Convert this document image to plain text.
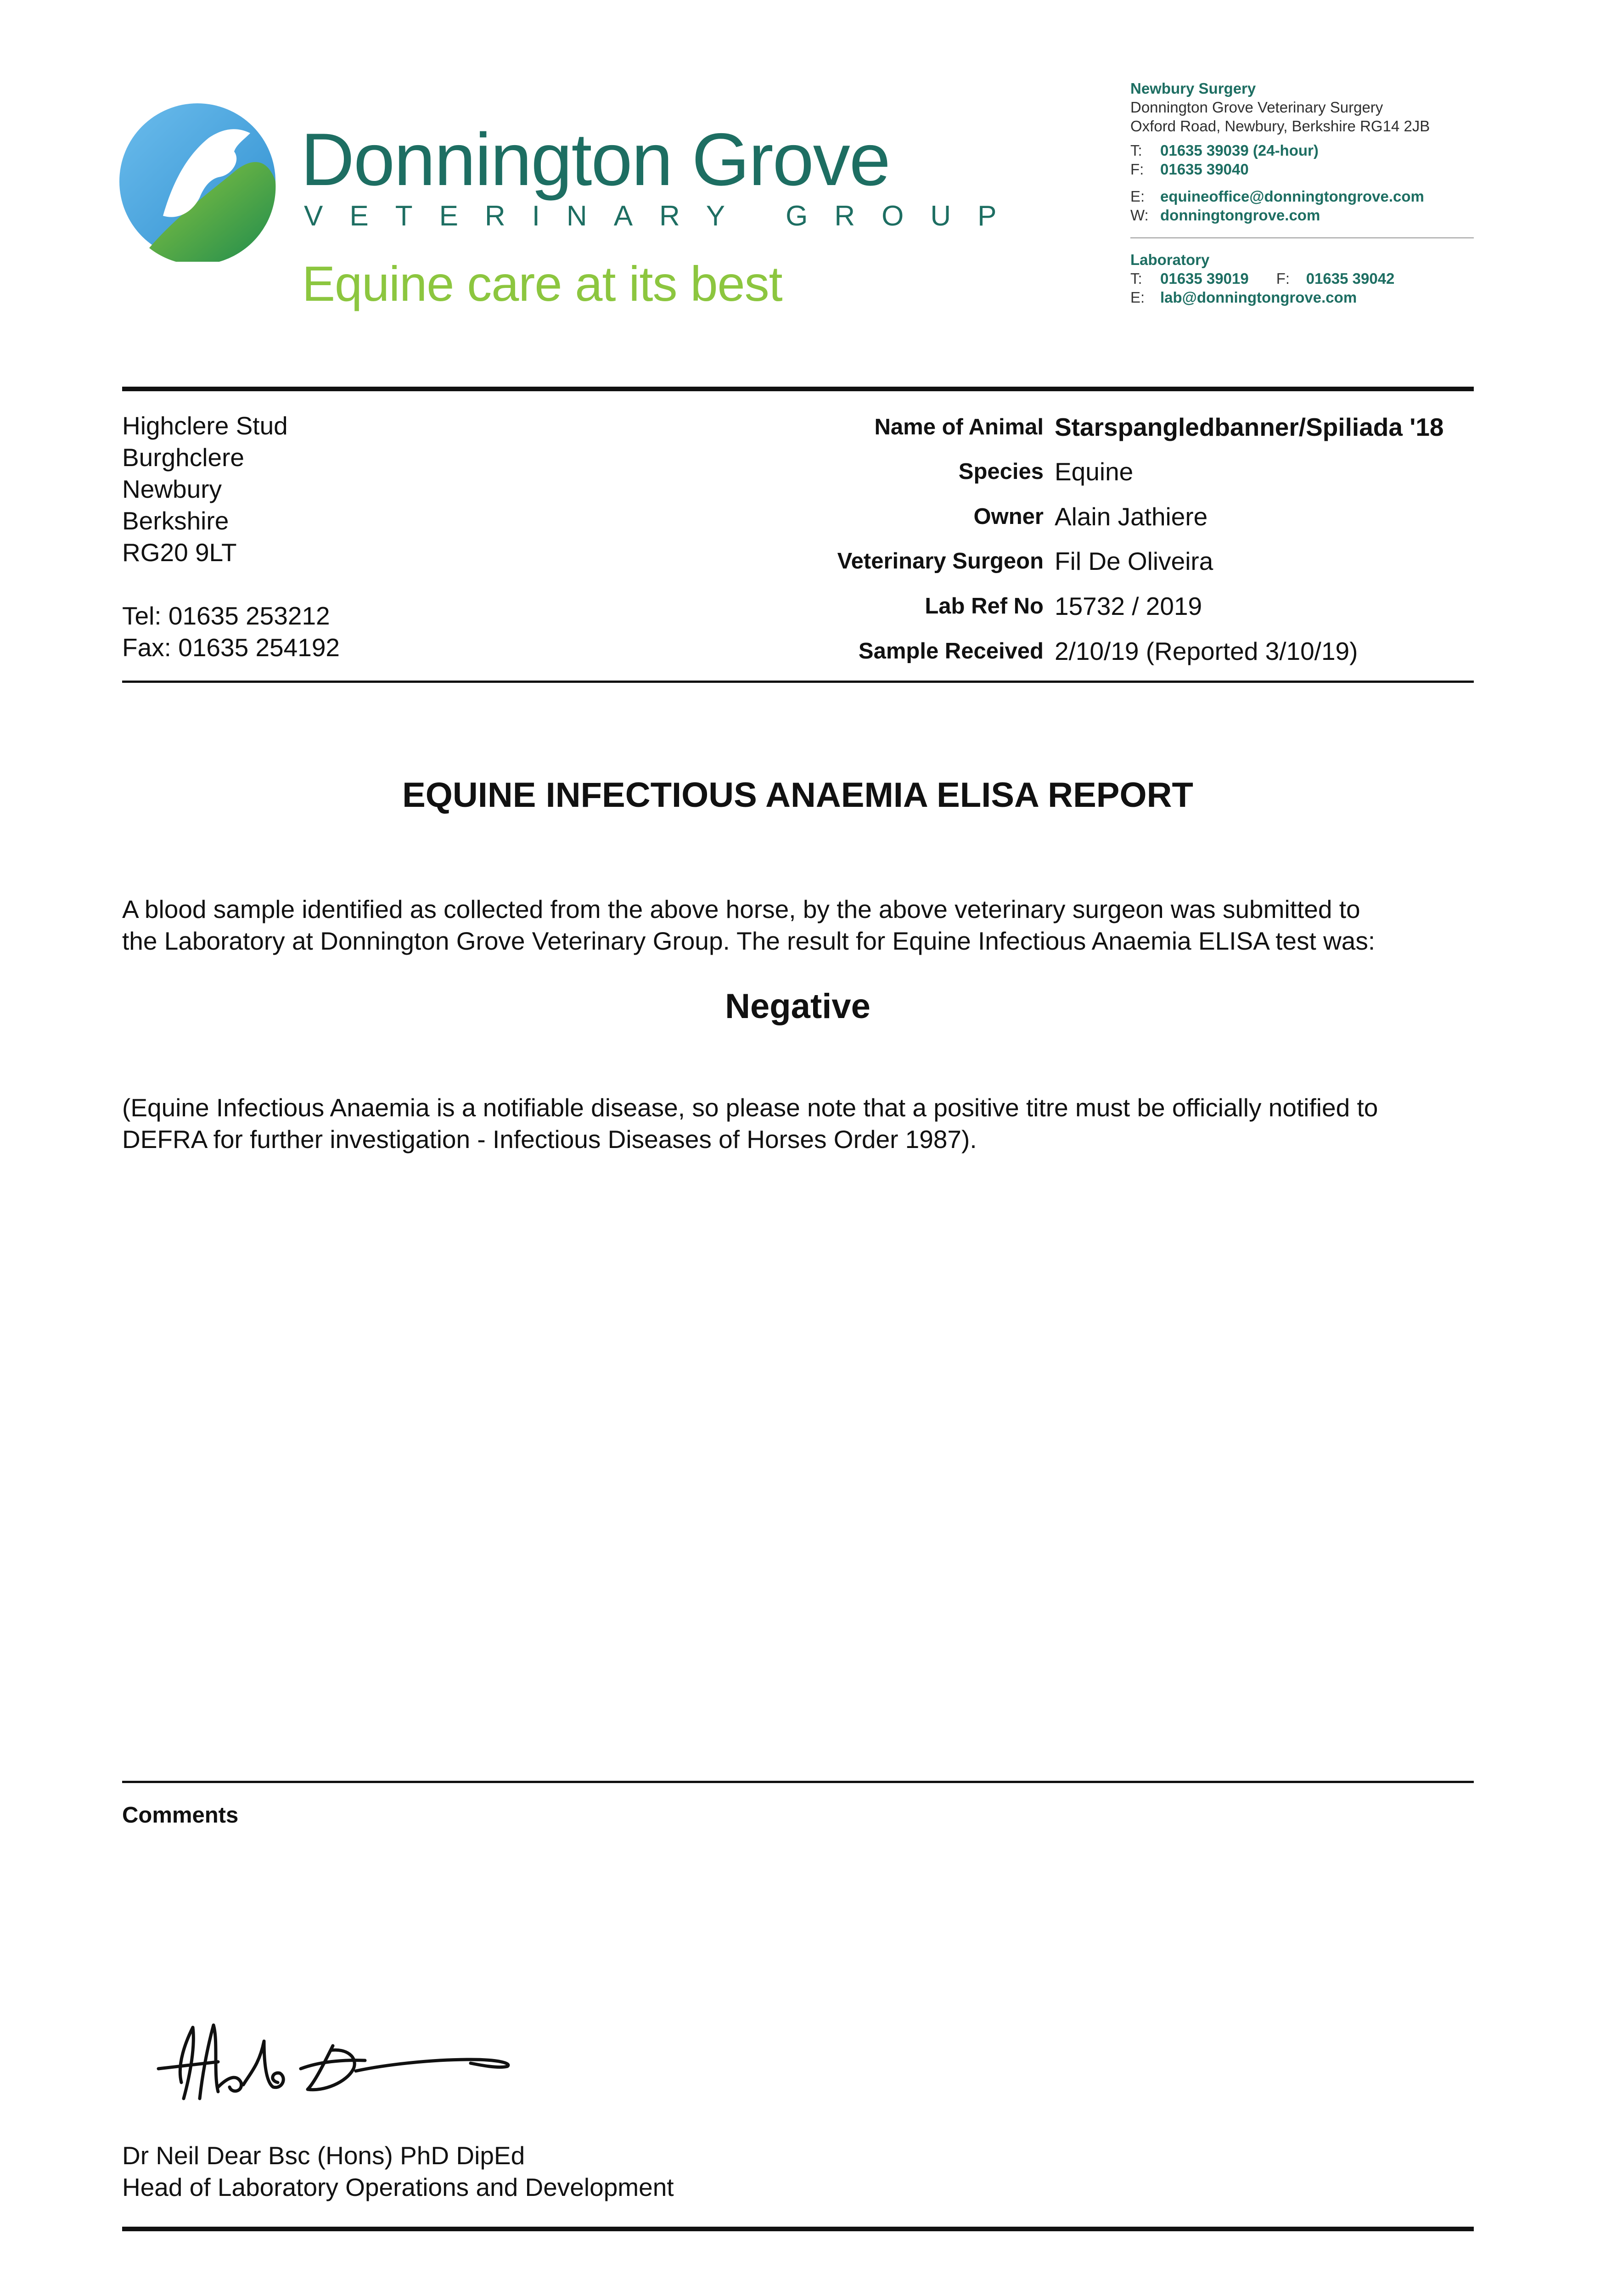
Donnington Grove
VETERINARY GROUP
Equine care at its best
Newbury Surgery
Donnington Grove Veterinary Surgery
Oxford Road, Newbury, Berkshire RG14 2JB
T: 01635 39039 (24-hour)
F: 01635 39040
E: equineoffice@donningtongrove.com
W: donningtongrove.com
Laboratory
T: 01635 39019 F: 01635 39042
E: lab@donningtongrove.com
Highclere Stud
Burghclere
Newbury
Berkshire
RG20 9LT
Tel: 01635 253212
Fax: 01635 254192
Name of Animal Starspangledbanner/Spiliada '18
Species Equine
Owner Alain Jathiere
Veterinary Surgeon Fil De Oliveira
Lab Ref No 15732 / 2019
Sample Received 2/10/19 (Reported 3/10/19)
EQUINE INFECTIOUS ANAEMIA ELISA REPORT
A blood sample identified as collected from the above horse, by the above veterinary surgeon was submitted to
the Laboratory at Donnington Grove Veterinary Group. The result for Equine Infectious Anaemia ELISA test was:
Negative
(Equine Infectious Anaemia is a notifiable disease, so please note that a positive titre must be officially notified to
DEFRA for further investigation - Infectious Diseases of Horses Order 1987).
Comments
Dr Neil Dear Bsc (Hons) PhD DipEd
Head of Laboratory Operations and Development
